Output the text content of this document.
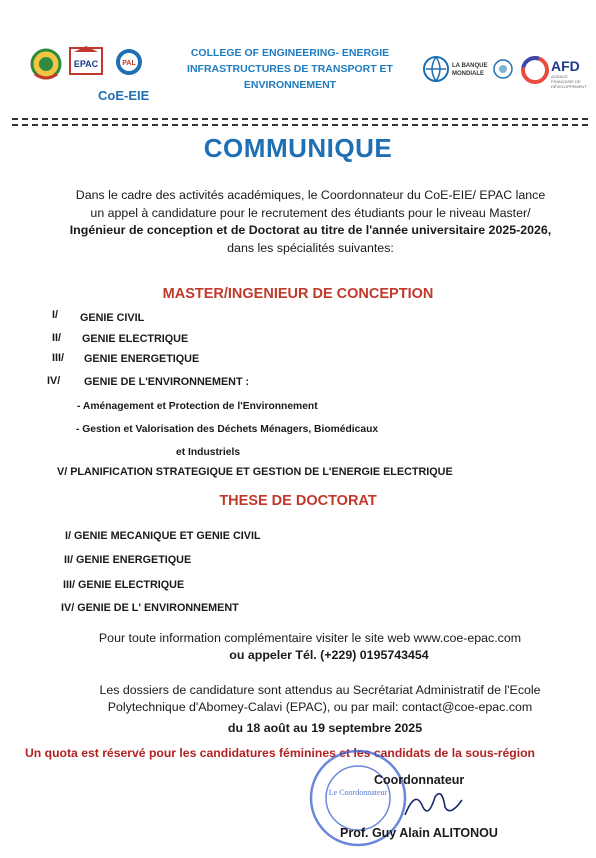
EPAC	PAL
CoE-EIE
COLLEGE OF ENGINEERING- ENERGIE INFRASTRUCTURES DE TRANSPORT ET ENVIRONNEMENT
LA BANQUE MONDIALE	AFD
AGENCE FRANÇAISE DE DÉVELOPPEMENT
COMMUNIQUE
Dans le cadre des activités académiques, le Coordonnateur du CoE-EIE/ EPAC lance
un appel à candidature pour le recrutement des étudiants pour le niveau Master/
Ingénieur de conception et de Doctorat au titre de l'année universitaire 2025-2026,
dans les spécialités suivantes:
MASTER/INGENIEUR DE CONCEPTION
I/ GENIE CIVIL
II/ GENIE ELECTRIQUE
III/ GENIE ENERGETIQUE
IV/ GENIE DE L'ENVIRONNEMENT :
- Aménagement et Protection de l'Environnement
- Gestion et Valorisation des Déchets Ménagers, Biomédicaux
et Industriels
V/ PLANIFICATION STRATEGIQUE ET GESTION DE L'ENERGIE ELECTRIQUE
THESE DE DOCTORAT
I/ GENIE MECANIQUE ET GENIE CIVIL
II/ GENIE ENERGETIQUE
III/ GENIE ELECTRIQUE
IV/ GENIE DE L' ENVIRONNEMENT
Pour toute information complémentaire visiter le site web www.coe-epac.com
ou appeler Tél. (+229) 0195743454
Les dossiers de candidature sont attendus au Secrétariat Administratif de l'Ecole
Polytechnique d'Abomey-Calavi (EPAC), ou par mail: contact@coe-epac.com
du 18 août au 19 septembre 2025
Un quota est réservé pour les candidatures féminines et les candidats de la sous-région
Le Coordonnateur
Coordonnateur
Prof. Guy Alain ALITONOU
